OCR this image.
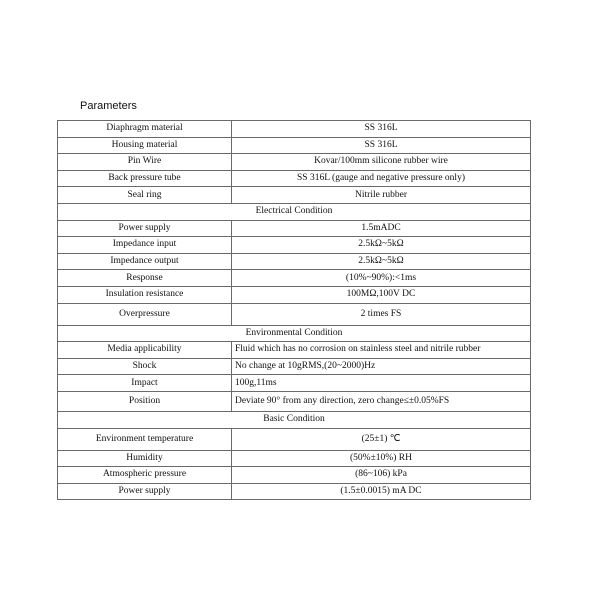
Parameters
Diaphragm material	SS 316L
Housing material	SS 316L
Pin Wire	Kovar/100mm silicone rubber wire
Back pressure tube	SS 316L (gauge and negative pressure only)
Seal ring	Nitrile rubber
Electrical Condition	
Power supply	1.5mADC
Impedance input	2.5kΩ~5kΩ
Impedance output	2.5kΩ~5kΩ
Response	(10%~90%):<1ms
Insulation resistance	100MΩ,100V DC
Overpressure	2 times FS
Environmental Condition	
Media applicability	Fluid which has no corrosion on stainless steel and nitrile rubber
Shock	No change at 10gRMS,(20~2000)Hz
Impact	100g,11ms
Position	Deviate 90° from any direction, zero change≤±0.05%FS
Basic Condition	
Environment temperature	(25±1) ℃
Humidity	(50%±10%) RH
Atmospheric pressure	(86~106) kPa
Power supply	(1.5±0.0015) mA DC
